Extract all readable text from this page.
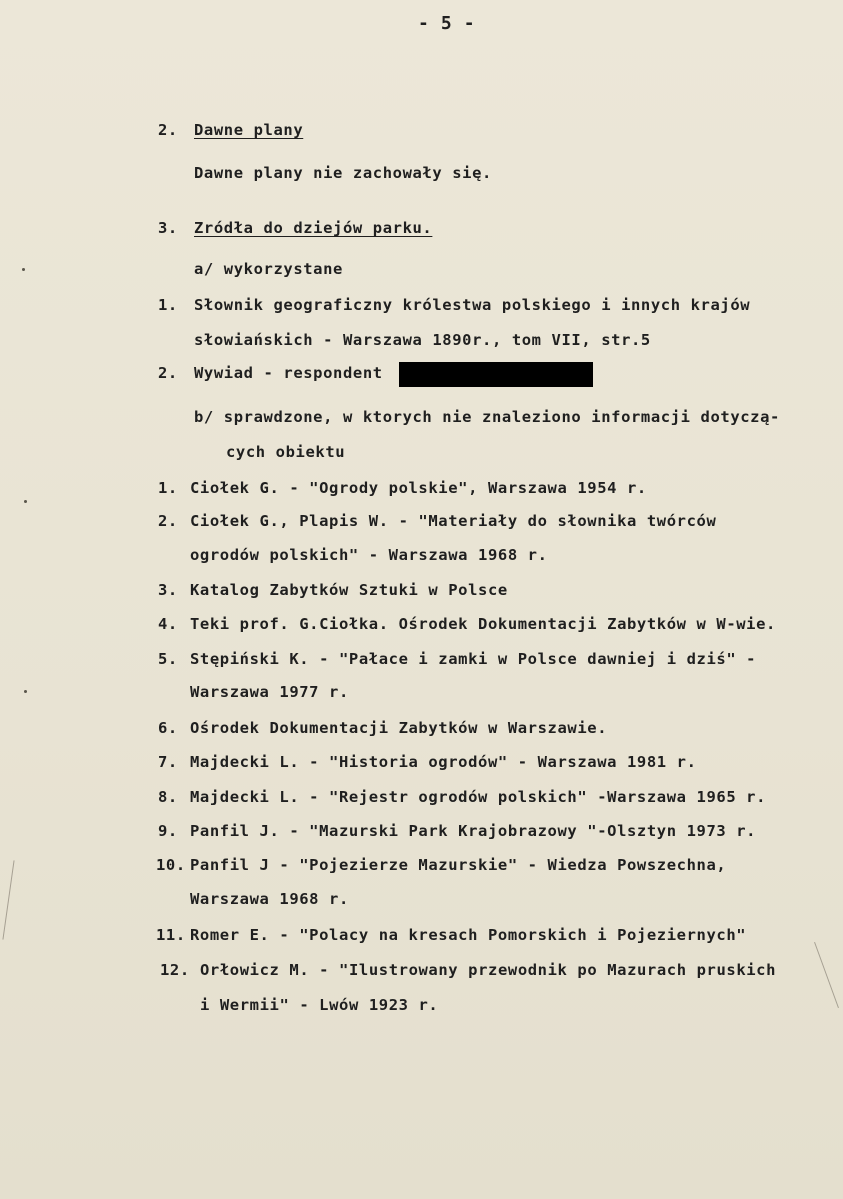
- 5 -
2. Dawne plany
Dawne plany nie zachowały się.
3. Zródła do dziejów parku.
a/ wykorzystane
1. Słownik geograficzny królestwa polskiego i innych krajów
słowiańskich - Warszawa 1890r., tom VII, str.5
2. Wywiad - respondent
b/ sprawdzone, w ktorych nie znaleziono informacji dotyczą-
cych obiektu
1. Ciołek G. - "Ogrody polskie", Warszawa 1954 r.
2. Ciołek G., Plapis W. - "Materiały do słownika twórców
ogrodów polskich" - Warszawa 1968 r.
3. Katalog Zabytków Sztuki w Polsce
4. Teki prof. G.Ciołka. Ośrodek Dokumentacji Zabytków w W-wie.
5. Stępiński K. - "Pałace i zamki w Polsce dawniej i dziś" -
Warszawa 1977 r.
6. Ośrodek Dokumentacji Zabytków w Warszawie.
7. Majdecki L. - "Historia ogrodów" - Warszawa 1981 r.
8. Majdecki L. - "Rejestr ogrodów polskich" -Warszawa 1965 r.
9. Panfil J. - "Mazurski Park Krajobrazowy "-Olsztyn 1973 r.
10. Panfil J - "Pojezierze Mazurskie" - Wiedza Powszechna,
Warszawa 1968 r.
11. Romer E. - "Polacy na kresach Pomorskich i Pojeziernych"
12. Orłowicz M. - "Ilustrowany przewodnik po Mazurach pruskich
i Wermii" - Lwów 1923 r.
